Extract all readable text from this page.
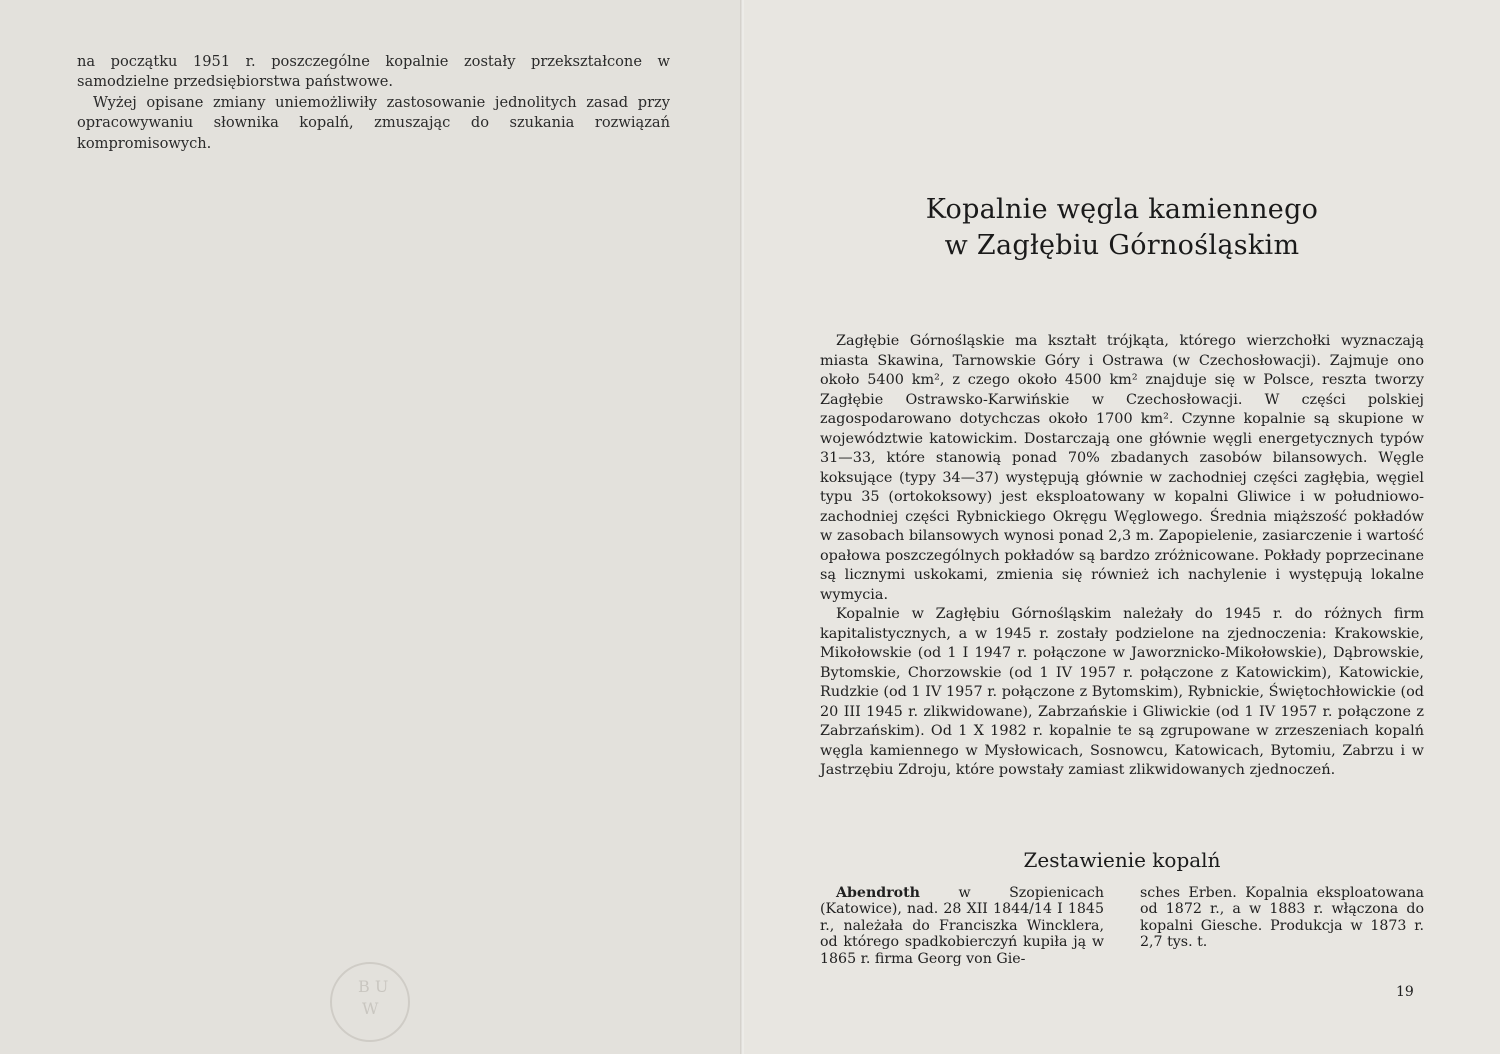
na początku 1951 r. poszczególne kopalnie zostały przekształcone w samodzielne przedsiębiorstwa państwowe.

Wyżej opisane zmiany uniemożliwiły zastosowanie jednolitych zasad przy opracowywaniu słownika kopalń, zmuszając do szukania rozwiązań kompromisowych.

B U
W
Kopalnie węgla kamiennego
w Zagłębiu Górnośląskim

Zagłębie Górnośląskie ma kształt trójkąta, którego wierzchołki wyznaczają miasta Skawina, Tarnowskie Góry i Ostrawa (w Czechosłowacji). Zajmuje ono około 5400 km², z czego około 4500 km² znajduje się w Polsce, reszta tworzy Zagłębie Ostrawsko-Karwińskie w Czechosłowacji. W części polskiej zagospodarowano dotychczas około 1700 km². Czynne kopalnie są skupione w województwie katowickim. Dostarczają one głównie węgli energetycznych typów 31—33, które stanowią ponad 70% zbadanych zasobów bilansowych. Węgle koksujące (typy 34—37) występują głównie w zachodniej części zagłębia, węgiel typu 35 (ortokoksowy) jest eksploatowany w kopalni Gliwice i w południowo-zachodniej części Rybnickiego Okręgu Węglowego. Średnia miąższość pokładów w zasobach bilansowych wynosi ponad 2,3 m. Zapopielenie, zasiarczenie i wartość opałowa poszczególnych pokładów są bardzo zróżnicowane. Pokłady poprzecinane są licznymi uskokami, zmienia się również ich nachylenie i występują lokalne wymycia.

Kopalnie w Zagłębiu Górnośląskim należały do 1945 r. do różnych firm kapitalistycznych, a w 1945 r. zostały podzielone na zjednoczenia: Krakowskie, Mikołowskie (od 1 I 1947 r. połączone w Jaworznicko-Mikołowskie), Dąbrowskie, Bytomskie, Chorzowskie (od 1 IV 1957 r. połączone z Katowickim), Katowickie, Rudzkie (od 1 IV 1957 r. połączone z Bytomskim), Rybnickie, Świętochłowickie (od 20 III 1945 r. zlikwidowane), Zabrzańskie i Gliwickie (od 1 IV 1957 r. połączone z Zabrzańskim). Od 1 X 1982 r. kopalnie te są zgrupowane w zrzeszeniach kopalń węgla kamiennego w Mysłowicach, Sosnowcu, Katowicach, Bytomiu, Zabrzu i w Jastrzębiu Zdroju, które powstały zamiast zlikwidowanych zjednoczeń.

Zestawienie kopalń

Abendroth w Szopienicach (Katowice), nad. 28 XII 1844/14 I 1845 r., należała do Franciszka Wincklera, od którego spadkobierczyń kupiła ją w 1865 r. firma Georg von Gie-

sches Erben. Kopalnia eksploatowana od 1872 r., a w 1883 r. włączona do kopalni Giesche. Produkcja w 1873 r. 2,7 tys. t.

19
